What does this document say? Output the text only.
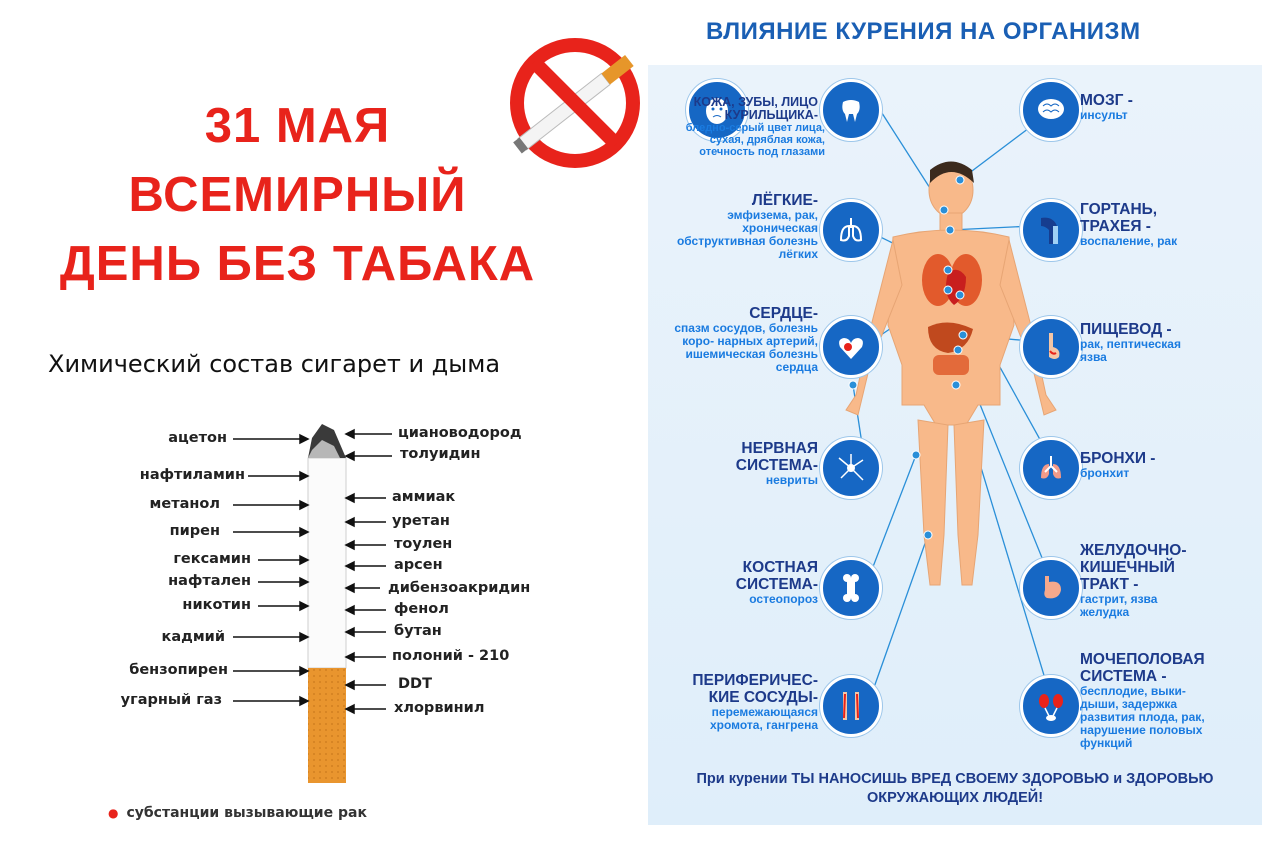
31 МАЯ
ВСЕМИРНЫЙ
ДЕНЬ БЕЗ ТАБАКА
Химический состав сигарет и дыма
ацетон
нафтиламин
метанол
пирен
гексамин
нафтален
никотин
кадмий
бензопирен
угарный газ
циановодород
толуидин
аммиак
уретан
тоулен
арсен
дибензоакридин
фенол
бутан
полоний - 210
DDT
хлорвинил
● субстанции вызывающие рак
ВЛИЯНИЕ КУРЕНИЯ НА ОРГАНИЗМ
КОЖА, ЗУБЫ, ЛИЦО КУРИЛЬЩИКА-
бледно-серый цвет лица, сухая, дряблая кожа, отечность под глазами
ЛЁГКИЕ-
эмфизема, рак, хроническая обструктивная болезнь лёгких
СЕРДЦЕ-
спазм сосудов, болезнь коро- нарных артерий, ишемическая болезнь сердца
НЕРВНАЯ СИСТЕМА-
невриты
КОСТНАЯ СИСТЕМА-
остеопороз
ПЕРИФЕРИЧЕС- КИЕ СОСУДЫ-
перемежающаяся хромота, гангрена
МОЗГ -
инсульт
ГОРТАНЬ, ТРАХЕЯ -
воспаление, рак
ПИЩЕВОД -
рак, пептическая язва
БРОНХИ -
бронхит
ЖЕЛУДОЧНО- КИШЕЧНЫЙ ТРАКТ -
гастрит, язва желудка
МОЧЕПОЛОВАЯ СИСТЕМА -
бесплодие, выки- дыши, задержка развития плода, рак, нарушение половых функций
При курении ТЫ НАНОСИШЬ ВРЕД СВОЕМУ ЗДОРОВЬЮ и ЗДОРОВЬЮ ОКРУЖАЮЩИХ ЛЮДЕЙ!
